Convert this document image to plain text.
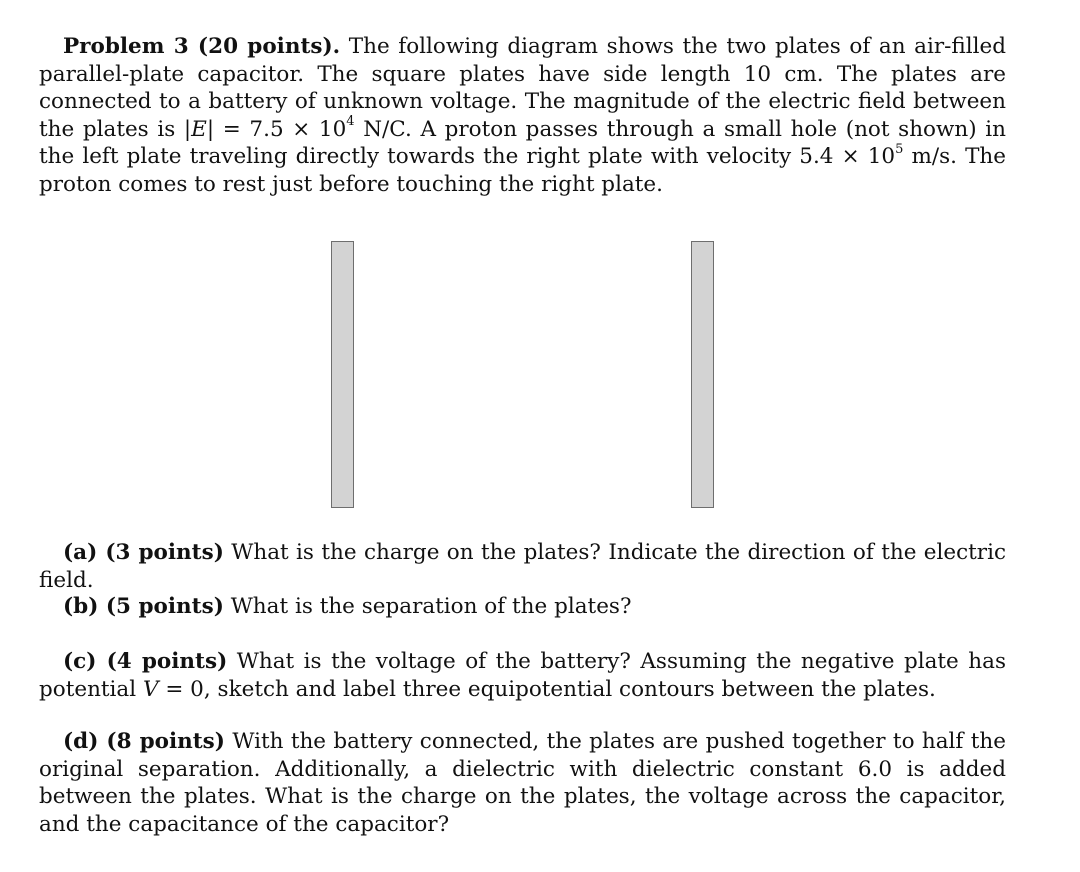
Problem 3 (20 points). The following diagram shows the two plates of an air-filled parallel-plate capacitor. The square plates have side length 10 cm. The plates are connected to a battery of unknown voltage. The magnitude of the electric field between the plates is $|E| = 7.5 \times 10^4$ N/C. A proton passes through a small hole (not shown) in the left plate traveling directly towards the right plate with velocity $5.4 \times 10^5$ m/s. The proton comes to rest just before touching the right plate.
(a) (3 points) What is the charge on the plates? Indicate the direction of the electric field.
(b) (5 points) What is the separation of the plates?
(c) (4 points) What is the voltage of the battery? Assuming the negative plate has potential V = 0, sketch and label three equipotential contours between the plates.
(d) (8 points) With the battery connected, the plates are pushed together to half the original separation. Additionally, a dielectric with dielectric constant 6.0 is added between the plates. What is the charge on the plates, the voltage across the capacitor, and the capacitance of the capacitor?
